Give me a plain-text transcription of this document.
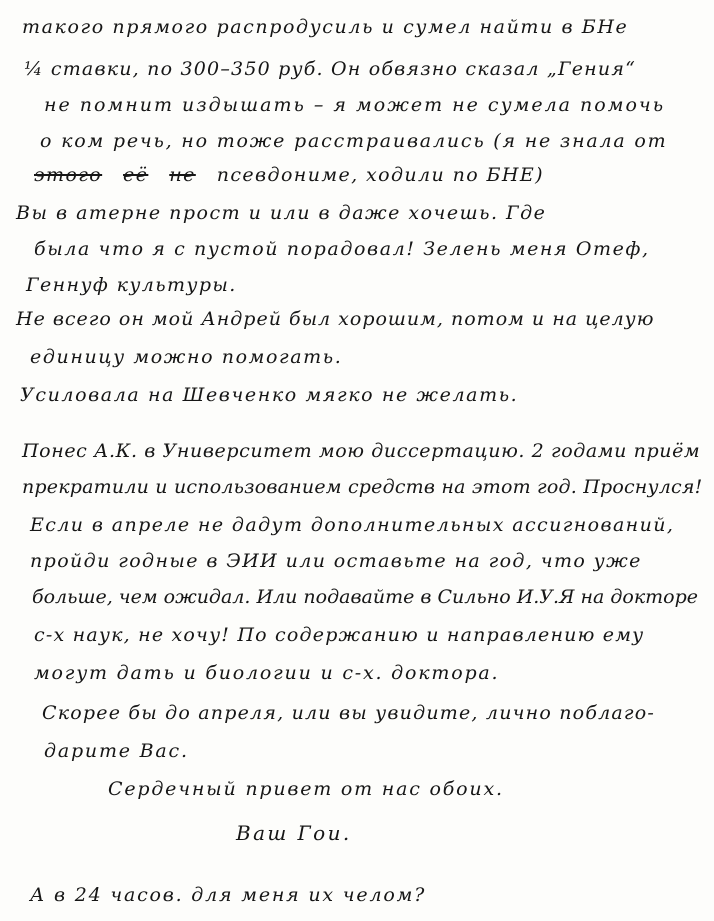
такого прямого распродусиль и сумел найти в БНе
¼ ставки, по 300–350 руб. Он обвязно сказал „Гения“
не помнит издышать – я может не сумела помочь
о ком речь, но тоже расстраивались (я не знала от
этого её не псевдониме, ходили по БНЕ)
Вы в атерне прост и или в даже хочешь. Где
была что я с пустой порадовал! Зелень меня Отеф,
Геннуф культуры.
Не всего он мой Андрей был хорошим, потом и на целую
единицу можно помогать.
Усиловала на Шевченко мягко не желать.
Понес А.К. в Университет мою диссертацию. 2 годами приём
прекратили и использованием средств на этот год. Проснулся!
Если в апреле не дадут дополнительных ассигнований,
пройди годные в ЭИИ или оставьте на год, что уже
больше, чем ожидал. Или подавайте в Сильно И.У.Я на докторе
с-х наук, не хочу! По содержанию и направлению ему
могут дать и биологии и с-х. доктора.
Скорее бы до апреля, или вы увидите, лично поблаго-
дарите Вас.
Сердечный привет от нас обоих.
Ваш Гои.
А в 24 часов. для меня их челом?
